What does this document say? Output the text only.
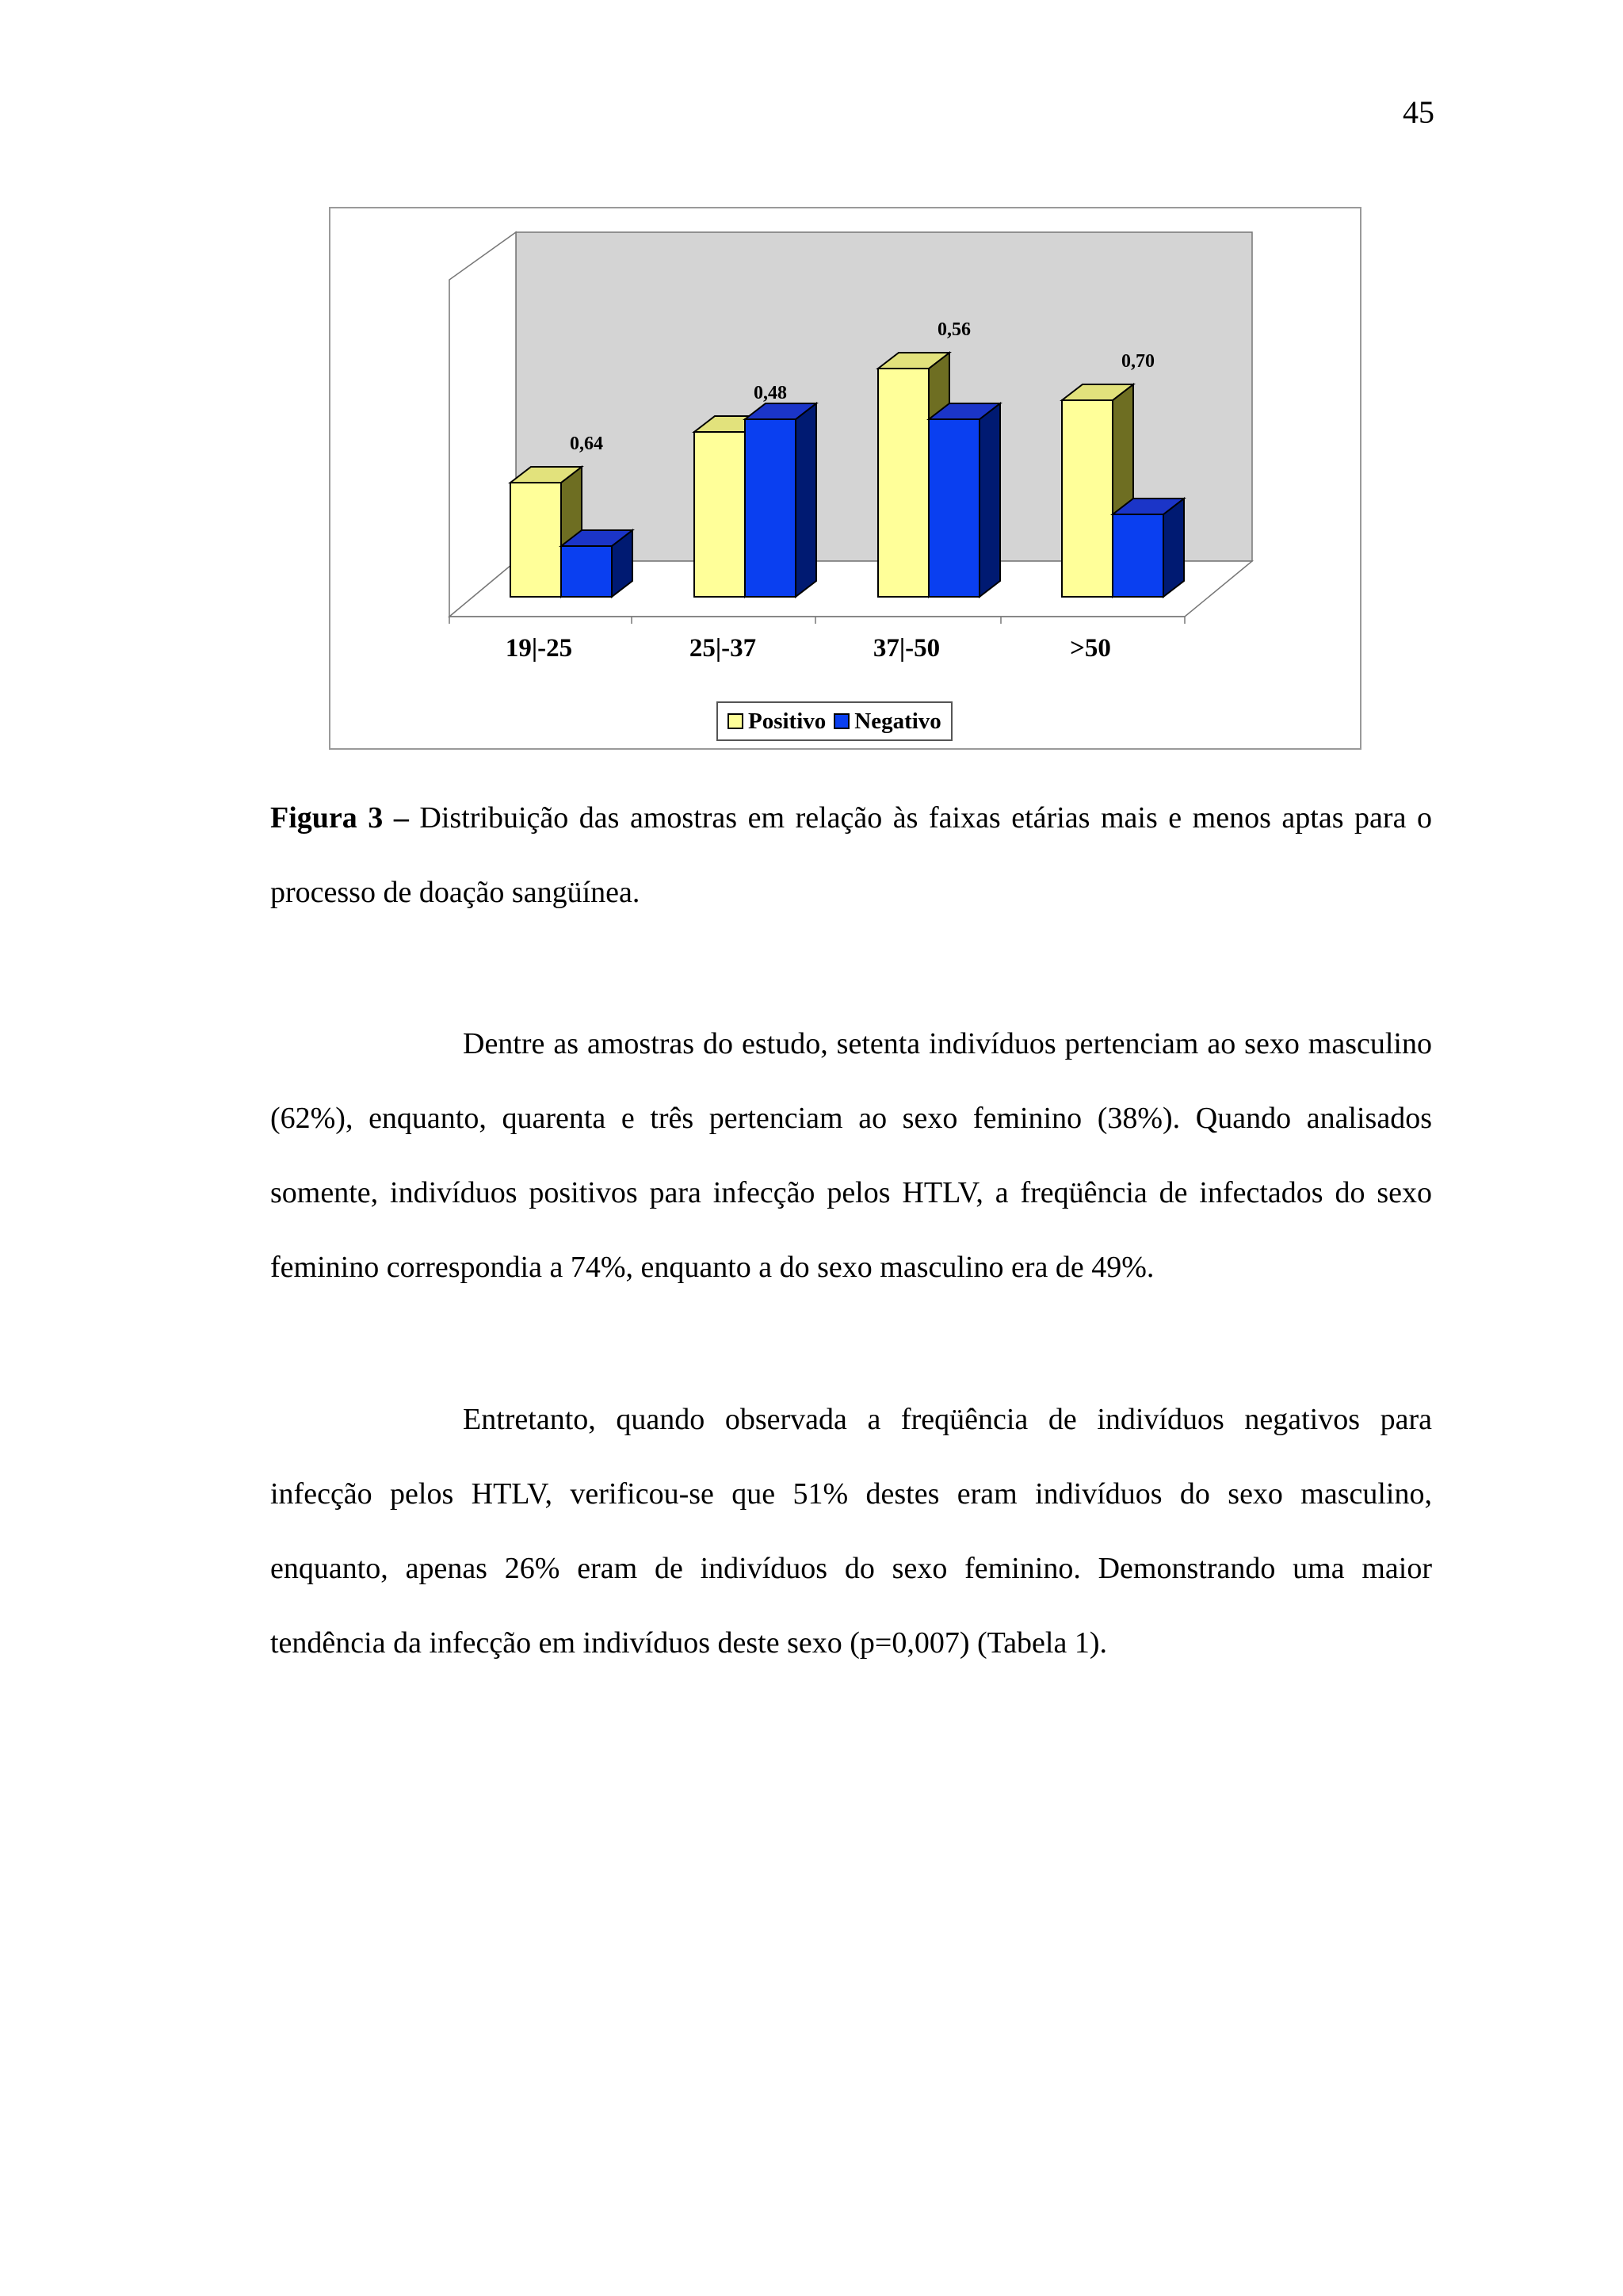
45
0,64
19|-25
0,48
25|-37
0,56
37|-50
0,70
>50
Positivo Negativo

Figura 3 – Distribuição das amostras em relação às faixas etárias mais e menos aptas para o processo de doação sangüínea.

Dentre as amostras do estudo, setenta indivíduos pertenciam ao sexo masculino (62%), enquanto, quarenta e três pertenciam ao sexo feminino (38%). Quando analisados somente, indivíduos positivos para infecção pelos HTLV, a freqüência de infectados do sexo feminino correspondia a 74%, enquanto a do sexo masculino era de 49%.

Entretanto, quando observada a freqüência de indivíduos negativos para infecção pelos HTLV, verificou-se que 51% destes eram indivíduos do sexo masculino, enquanto, apenas 26% eram de indivíduos do sexo feminino. Demonstrando uma maior tendência da infecção em indivíduos deste sexo (p=0,007) (Tabela 1).
